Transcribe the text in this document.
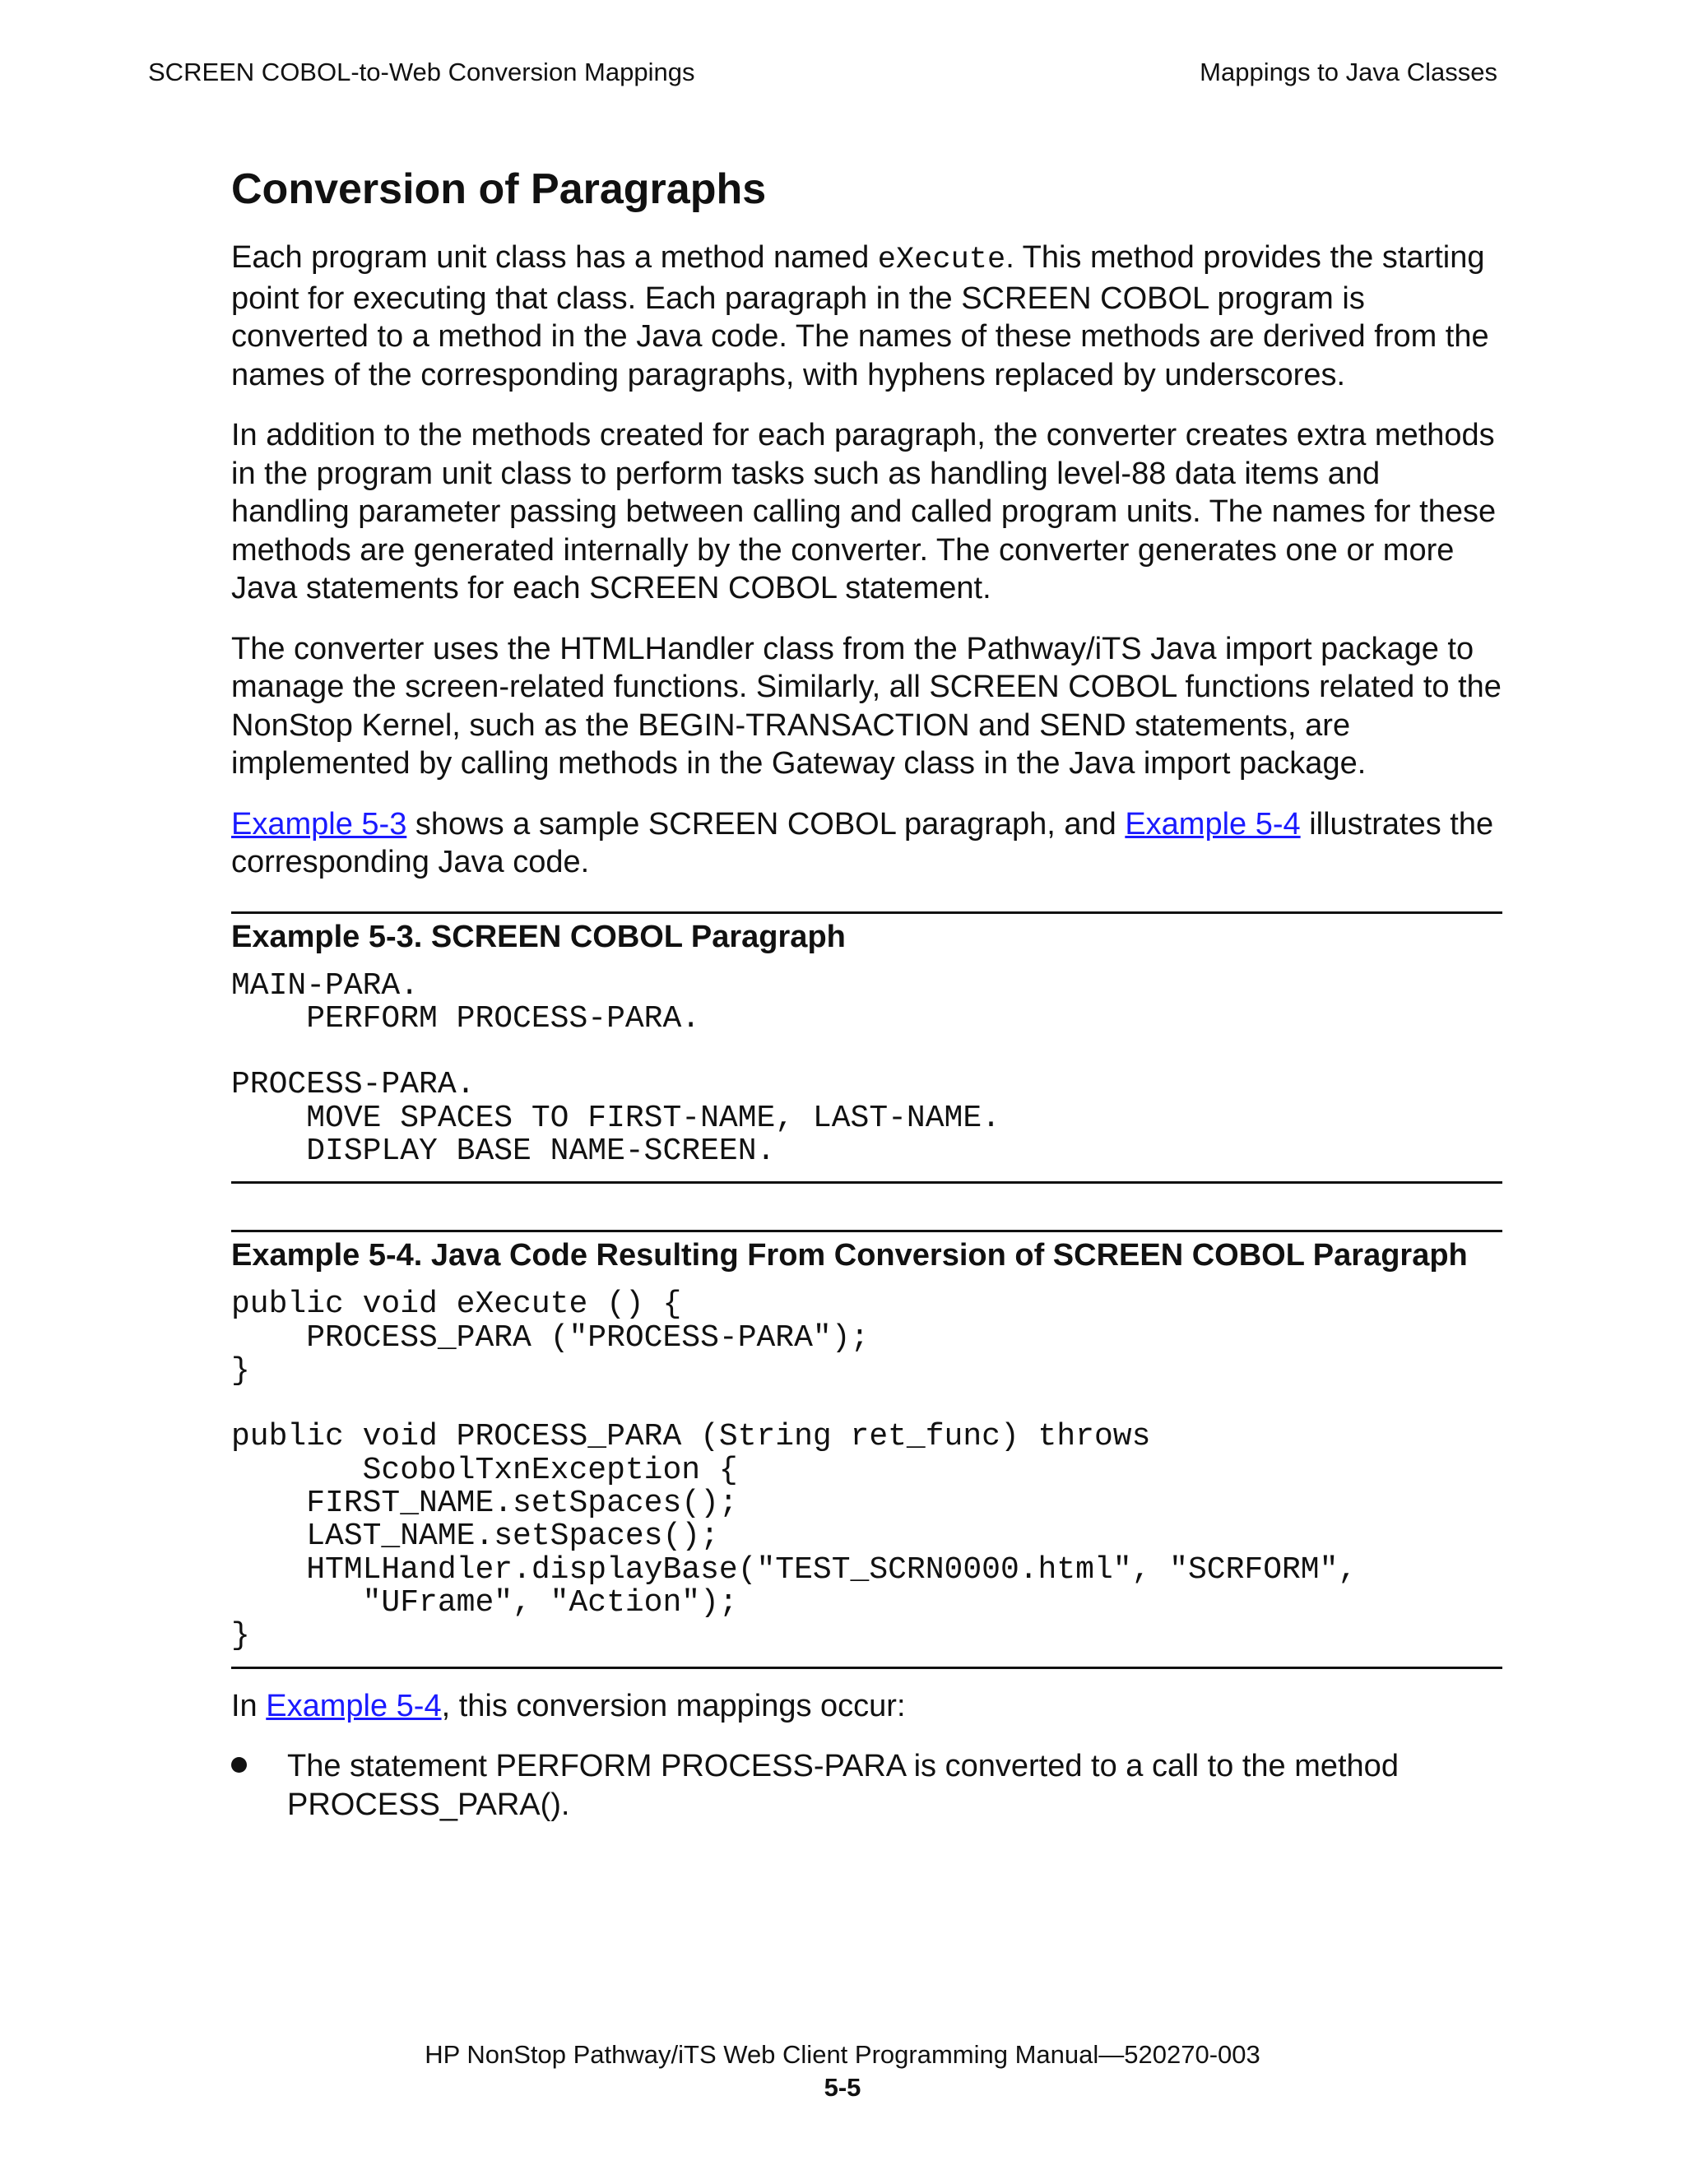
SCREEN COBOL-to-Web Conversion Mappings	Mappings to Java Classes
Conversion of Paragraphs

Each program unit class has a method named eXecute. This method provides the starting point for executing that class. Each paragraph in the SCREEN COBOL program is converted to a method in the Java code. The names of these methods are derived from the names of the corresponding paragraphs, with hyphens replaced by underscores.

In addition to the methods created for each paragraph, the converter creates extra methods in the program unit class to perform tasks such as handling level-88 data items and handling parameter passing between calling and called program units. The names for these methods are generated internally by the converter. The converter generates one or more Java statements for each SCREEN COBOL statement.

The converter uses the HTMLHandler class from the Pathway/iTS Java import package to manage the screen-related functions. Similarly, all SCREEN COBOL functions related to the NonStop Kernel, such as the BEGIN-TRANSACTION and SEND statements, are implemented by calling methods in the Gateway class in the Java import package.

Example 5-3 shows a sample SCREEN COBOL paragraph, and Example 5-4 illustrates the corresponding Java code.

Example 5-3. SCREEN COBOL Paragraph
MAIN-PARA.
PERFORM PROCESS-PARA.

PROCESS-PARA.
MOVE SPACES TO FIRST-NAME, LAST-NAME.
DISPLAY BASE NAME-SCREEN.
Example 5-4. Java Code Resulting From Conversion of SCREEN COBOL Paragraph
public void eXecute () {
PROCESS_PARA ("PROCESS-PARA");
}

public void PROCESS_PARA (String ret_func) throws
ScobolTxnException {
FIRST_NAME.setSpaces();
LAST_NAME.setSpaces();
HTMLHandler.displayBase("TEST_SCRN0000.html", "SCRFORM",
"UFrame", "Action");
}

In Example 5-4, this conversion mappings occur:

The statement PERFORM PROCESS-PARA is converted to a call to the method PROCESS_PARA().
HP NonStop Pathway/iTS Web Client Programming Manual—520270-003
5-5
